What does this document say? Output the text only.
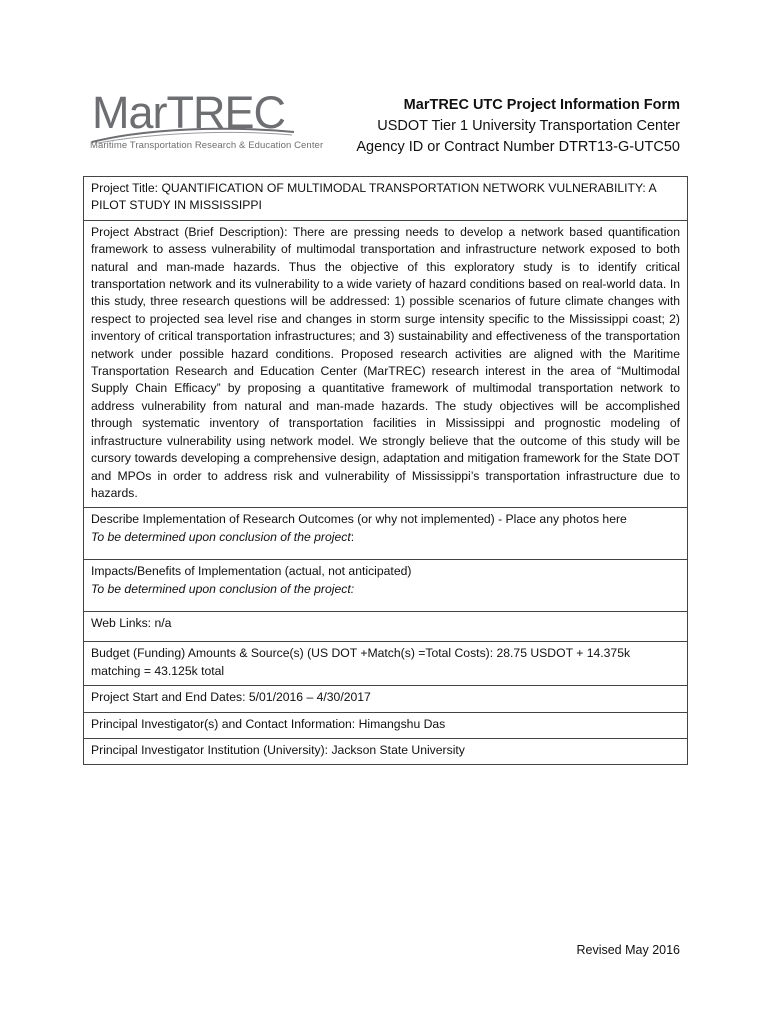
MarTREC
Maritime Transportation Research & Education Center
MarTREC UTC Project Information Form
USDOT Tier 1 University Transportation Center
Agency ID or Contract Number DTRT13-G-UTC50
Project Title: QUANTIFICATION OF MULTIMODAL TRANSPORTATION NETWORK VULNERABILITY: A PILOT STUDY IN MISSISSIPPI
Project Abstract (Brief Description): There are pressing needs to develop a network based quantification framework to assess vulnerability of multimodal transportation and infrastructure network exposed to both natural and man-made hazards. Thus the objective of this exploratory study is to identify critical transportation network and its vulnerability to a wide variety of hazard conditions based on real-world data. In this study, three research questions will be addressed: 1) possible scenarios of future climate changes with respect to projected sea level rise and changes in storm surge intensity specific to the Mississippi coast; 2) inventory of critical transportation infrastructures; and 3) sustainability and effectiveness of the transportation network under possible hazard conditions. Proposed research activities are aligned with the Maritime Transportation Research and Education Center (MarTREC) research interest in the area of “Multimodal Supply Chain Efficacy” by proposing a quantitative framework of multimodal transportation network to address vulnerability from natural and man-made hazards. The study objectives will be accomplished through systematic inventory of transportation facilities in Mississippi and prognostic modeling of infrastructure vulnerability using network model. We strongly believe that the outcome of this study will be cursory towards developing a comprehensive design, adaptation and mitigation framework for the State DOT and MPOs in order to address risk and vulnerability of Mississippi’s transportation infrastructure due to hazards.
Describe Implementation of Research Outcomes (or why not implemented) - Place any photos here
To be determined upon conclusion of the project:
Impacts/Benefits of Implementation (actual, not anticipated)
To be determined upon conclusion of the project:
Web Links: n/a
Budget (Funding) Amounts & Source(s) (US DOT +Match(s) =Total Costs): 28.75 USDOT + 14.375k matching = 43.125k total
Project Start and End Dates: 5/01/2016 – 4/30/2017
Principal Investigator(s) and Contact Information: Himangshu Das
Principal Investigator Institution (University): Jackson State University
Revised May 2016
